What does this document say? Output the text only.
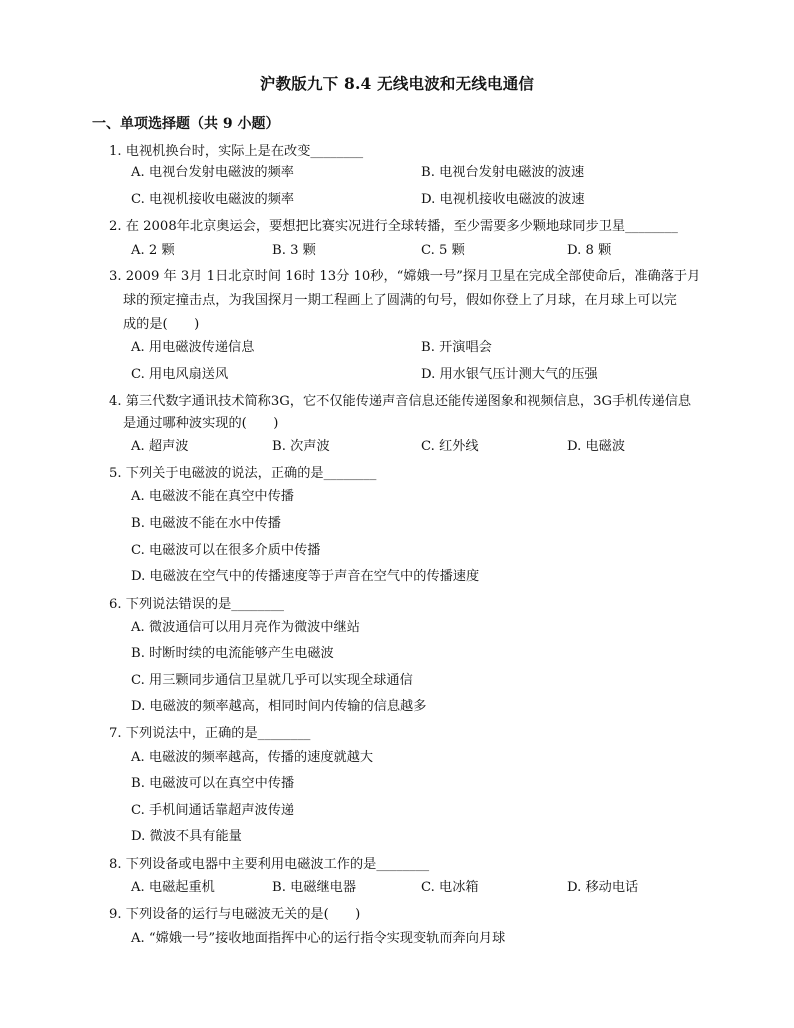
沪教版九下 8.4 无线电波和无线电通信
一、单项选择题（共 9 小题）
1. 电视机换台时，实际上是在改变________
A. 电视台发射电磁波的频率	B. 电视台发射电磁波的波速
C. 电视机接收电磁波的频率	D. 电视机接收电磁波的波速
2. 在 2008年北京奥运会，要想把比赛实况进行全球转播，至少需要多少颗地球同步卫星________
A. 2 颗	B. 3 颗	C. 5 颗	D. 8 颗
3. 2009 年 3月 1日北京时间 16时 13分 10秒，“嫦娥一号”探月卫星在完成全部使命后，准确落于月
球的预定撞击点，为我国探月一期工程画上了圆满的句号，假如你登上了月球，在月球上可以完
成的是(　　)
A. 用电磁波传递信息	B. 开演唱会
C. 用电风扇送风	D. 用水银气压计测大气的压强
4. 第三代数字通讯技术简称3G，它不仅能传递声音信息还能传递图象和视频信息，3G手机传递信息
是通过哪种波实现的(　　)
A. 超声波	B. 次声波	C. 红外线	D. 电磁波
5. 下列关于电磁波的说法，正确的是________
A. 电磁波不能在真空中传播
B. 电磁波不能在水中传播
C. 电磁波可以在很多介质中传播
D. 电磁波在空气中的传播速度等于声音在空气中的传播速度
6. 下列说法错误的是________
A. 微波通信可以用月亮作为微波中继站
B. 时断时续的电流能够产生电磁波
C. 用三颗同步通信卫星就几乎可以实现全球通信
D. 电磁波的频率越高，相同时间内传输的信息越多
7. 下列说法中，正确的是________
A. 电磁波的频率越高，传播的速度就越大
B. 电磁波可以在真空中传播
C. 手机间通话靠超声波传递
D. 微波不具有能量
8. 下列设备或电器中主要利用电磁波工作的是________
A. 电磁起重机	B. 电磁继电器	C. 电冰箱	D. 移动电话
9. 下列设备的运行与电磁波无关的是(　　)
A. “嫦娥一号”接收地面指挥中心的运行指令实现变轨而奔向月球
